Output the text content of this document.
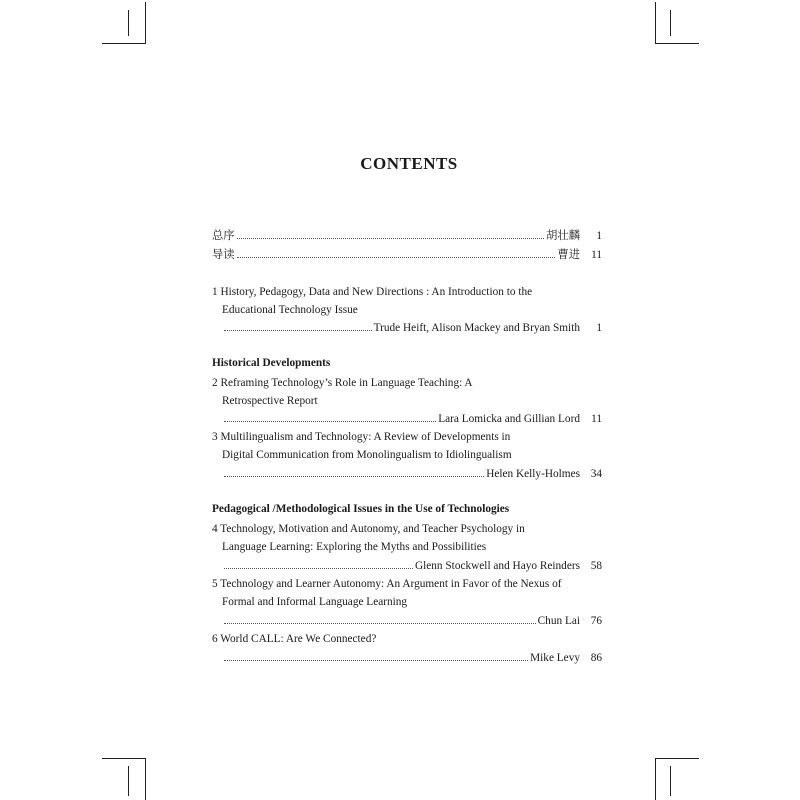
CONTENTS
总序	胡壮麟	1
导读	曹进 11
1 History, Pedagogy, Data and New Directions : An Introduction to the
Educational Technology Issue
Trude Heift, Alison Mackey and Bryan Smith	1
Historical Developments
2 Reframing Technology’s Role in Language Teaching: A
Retrospective Report
Lara Lomicka and Gillian Lord 11
3 Multilingualism and Technology: A Review of Developments in
Digital Communication from Monolingualism to Idiolingualism
Helen Kelly-Holmes 34
Pedagogical /Methodological Issues in the Use of Technologies
4 Technology, Motivation and Autonomy, and Teacher Psychology in
Language Learning: Exploring the Myths and Possibilities
Glenn Stockwell and Hayo Reinders 58
5 Technology and Learner Autonomy: An Argument in Favor of the Nexus of
Formal and Informal Language Learning
Chun Lai 76
6 World CALL: Are We Connected?
Mike Levy 86
